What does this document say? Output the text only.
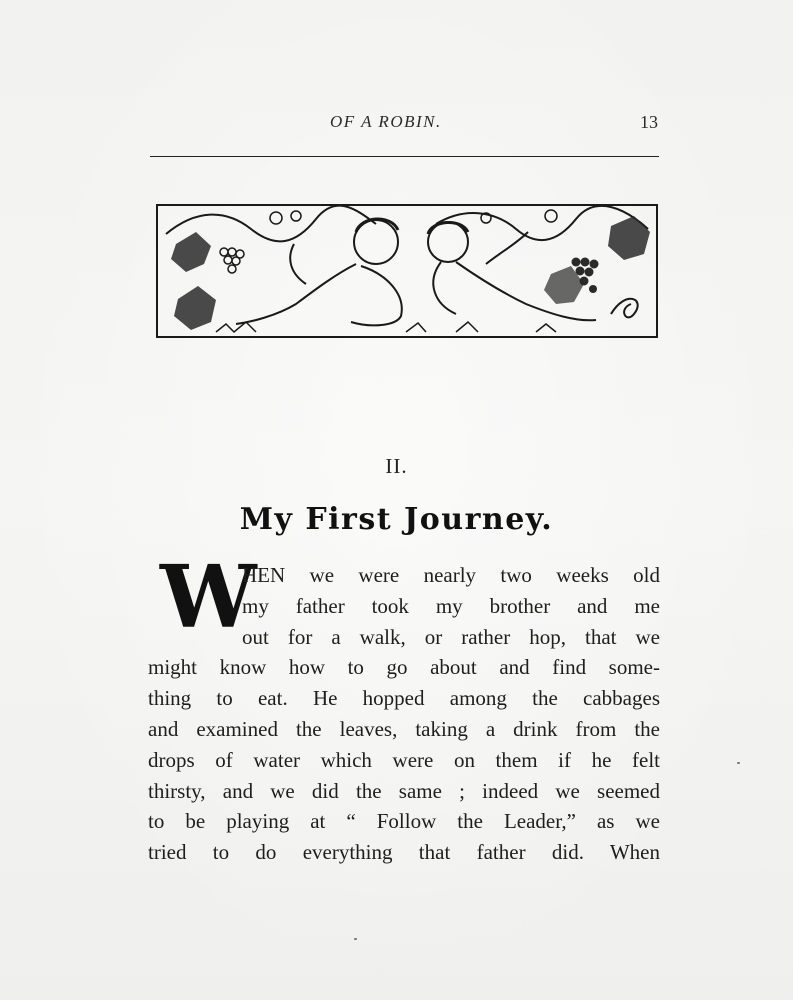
OF A ROBIN.	13
II.
My First Journey.
W
HEN we were nearly two weeks old
my father took my brother and me
out for a walk, or rather hop, that we
might know how to go about and find some-
thing to eat. He hopped among the cabbages
and examined the leaves, taking a drink from the
drops of water which were on them if he felt
thirsty, and we did the same ; indeed we seemed
to be playing at “ Follow the Leader,” as we
tried to do everything that father did. When
